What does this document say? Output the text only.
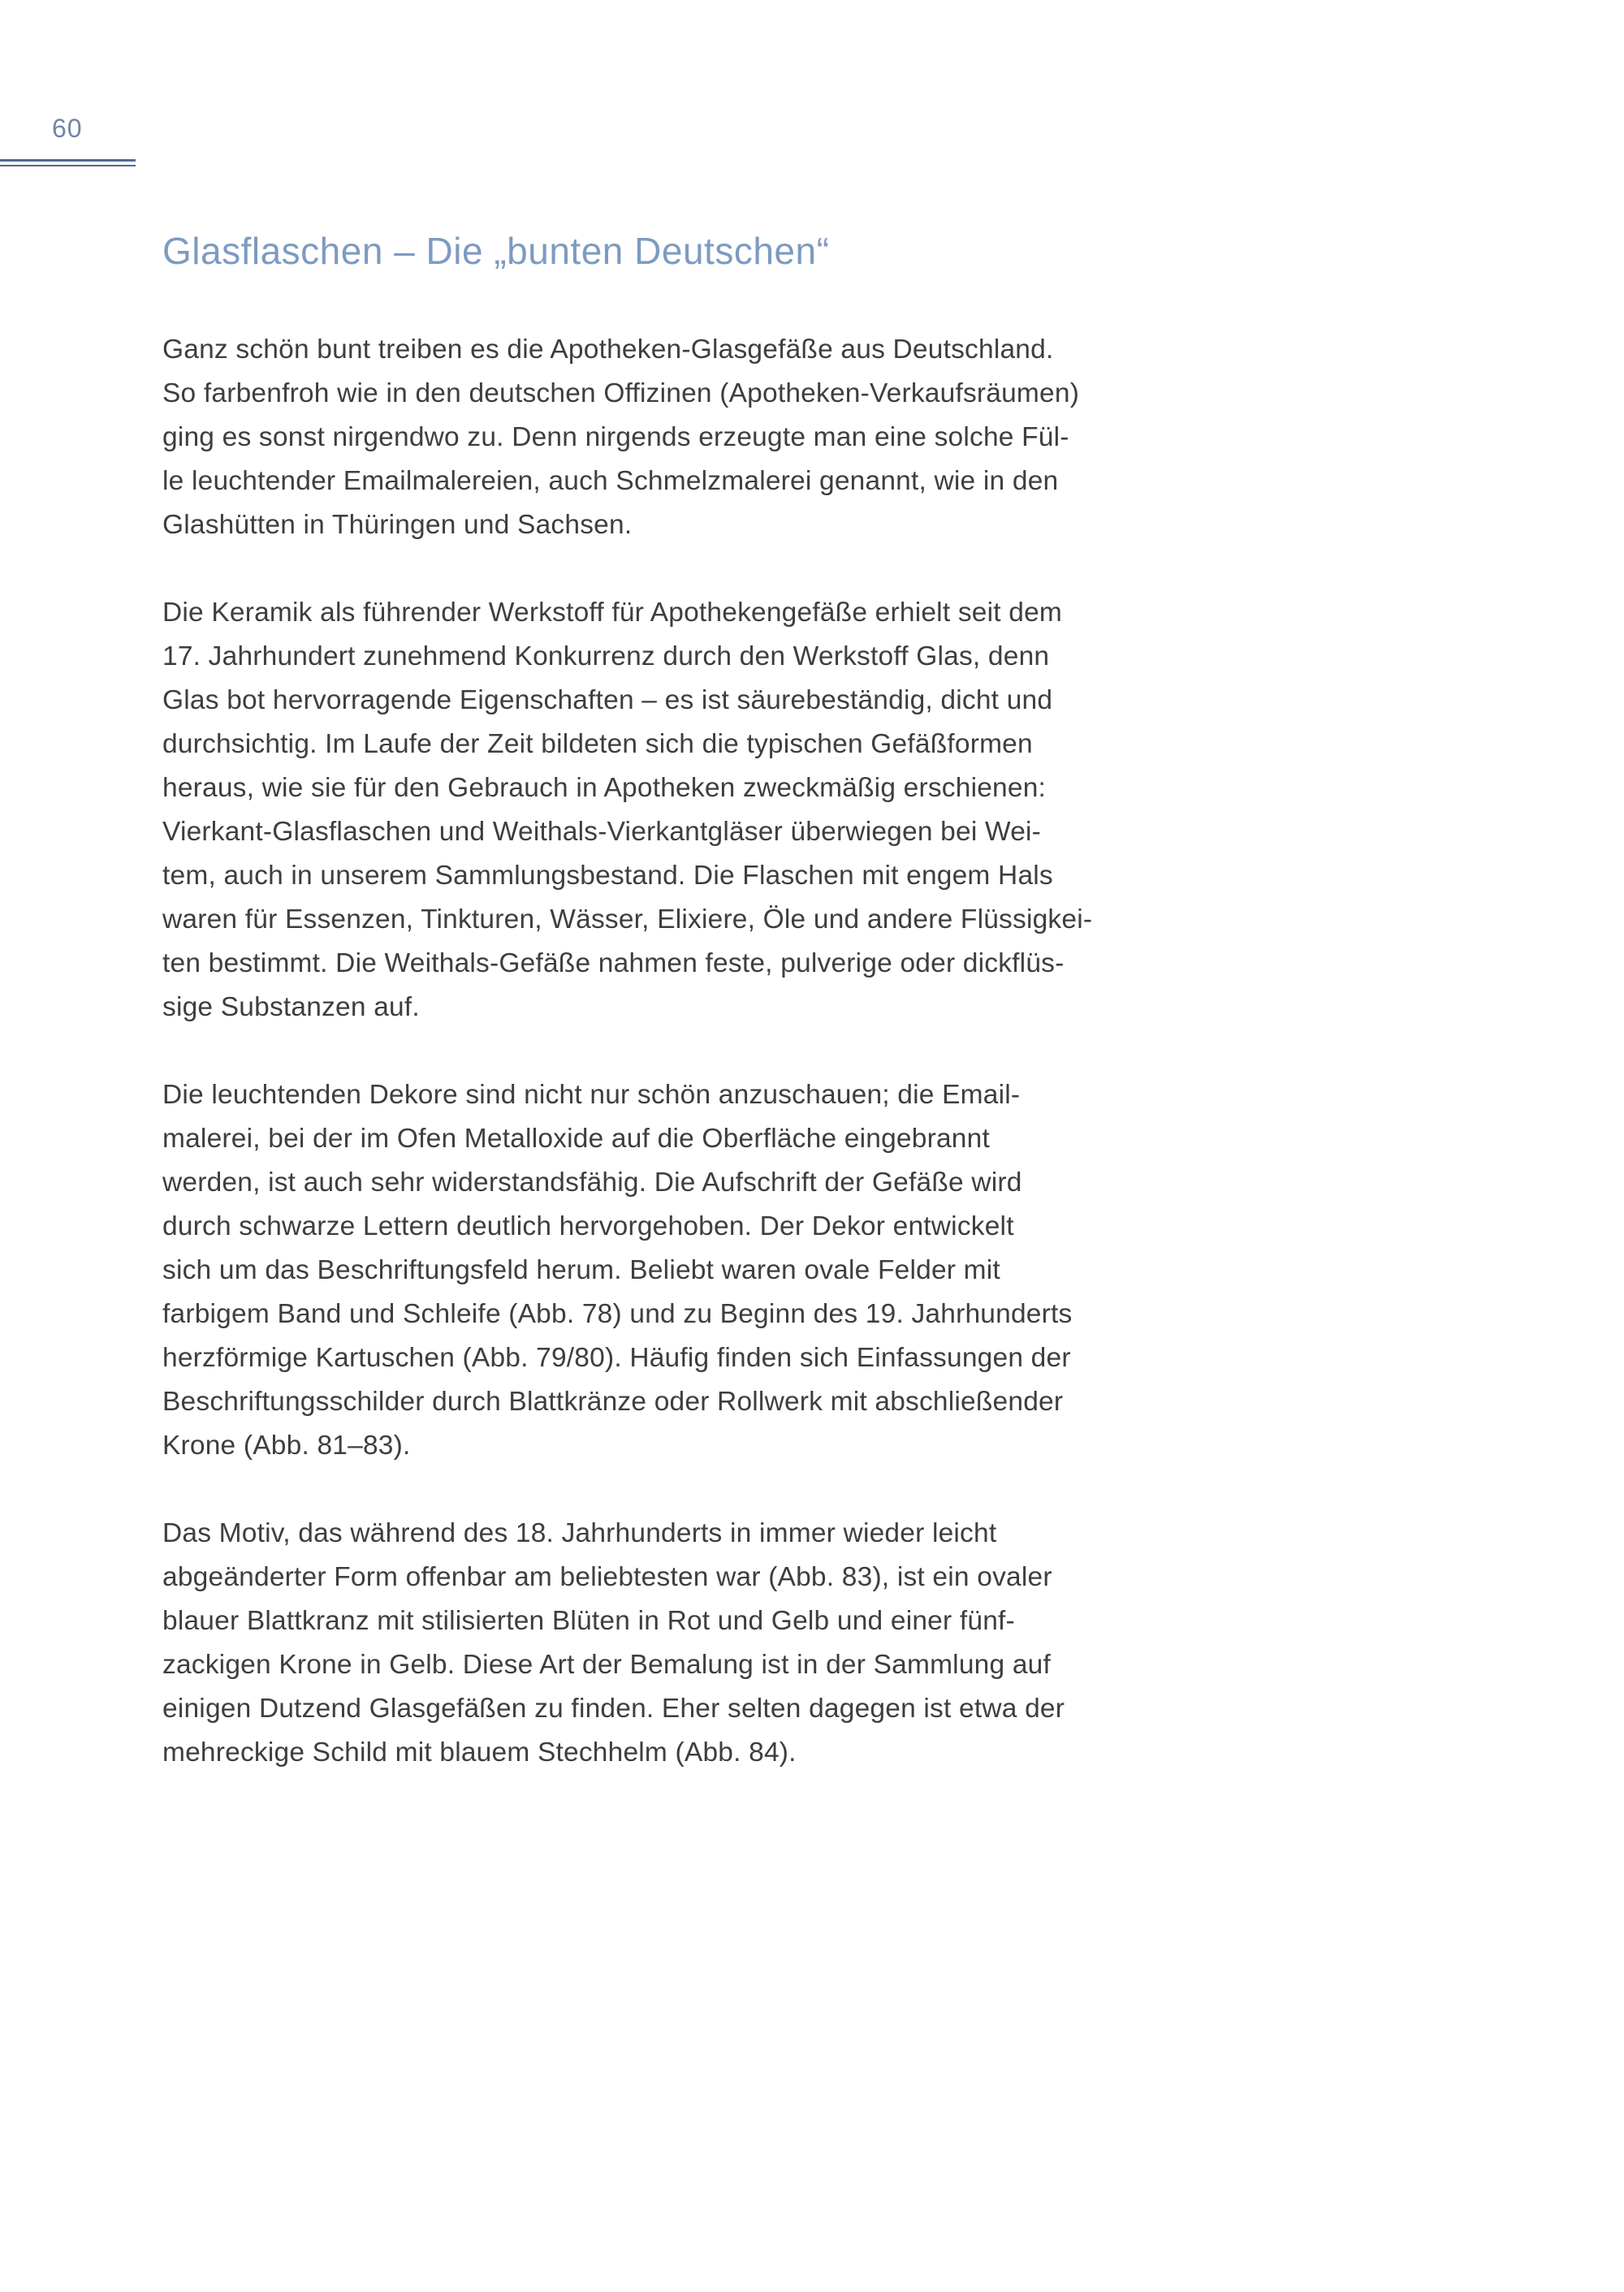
60
Glasflaschen – Die „bunten Deutschen“

Ganz schön bunt treiben es die Apotheken-Glasgefäße aus Deutschland.
So farbenfroh wie in den deutschen Offizinen (Apotheken-Verkaufsräumen)
ging es sonst nirgendwo zu. Denn nirgends erzeugte man eine solche Fül-
le leuchtender Emailmalereien, auch Schmelzmalerei genannt, wie in den
Glashütten in Thüringen und Sachsen.

Die Keramik als führender Werkstoff für Apothekengefäße erhielt seit dem
17. Jahrhundert zunehmend Konkurrenz durch den Werkstoff Glas, denn
Glas bot hervorragende Eigenschaften – es ist säurebeständig, dicht und
durchsichtig. Im Laufe der Zeit bildeten sich die typischen Gefäßformen
heraus, wie sie für den Gebrauch in Apotheken zweckmäßig erschienen:
Vierkant-Glasflaschen und Weithals-Vierkantgläser überwiegen bei Wei-
tem, auch in unserem Sammlungsbestand. Die Flaschen mit engem Hals
waren für Essenzen, Tinkturen, Wässer, Elixiere, Öle und andere Flüssigkei-
ten bestimmt. Die Weithals-Gefäße nahmen feste, pulverige oder dickflüs-
sige Substanzen auf.

Die leuchtenden Dekore sind nicht nur schön anzuschauen; die Email-
malerei, bei der im Ofen Metalloxide auf die Oberfläche eingebrannt
werden, ist auch sehr widerstandsfähig. Die Aufschrift der Gefäße wird
durch schwarze Lettern deutlich hervorgehoben. Der Dekor entwickelt
sich um das Beschriftungsfeld herum. Beliebt waren ovale Felder mit
farbigem Band und Schleife (Abb. 78) und zu Beginn des 19. Jahrhunderts
herzförmige Kartuschen (Abb. 79/80). Häufig finden sich Einfassungen der
Beschriftungsschilder durch Blattkränze oder Rollwerk mit abschließender
Krone (Abb. 81–83).

Das Motiv, das während des 18. Jahrhunderts in immer wieder leicht
abgeänderter Form offenbar am beliebtesten war (Abb. 83), ist ein ovaler
blauer Blattkranz mit stilisierten Blüten in Rot und Gelb und einer fünf-
zackigen Krone in Gelb. Diese Art der Bemalung ist in der Sammlung auf
einigen Dutzend Glasgefäßen zu finden. Eher selten dagegen ist etwa der
mehreckige Schild mit blauem Stechhelm (Abb. 84).
